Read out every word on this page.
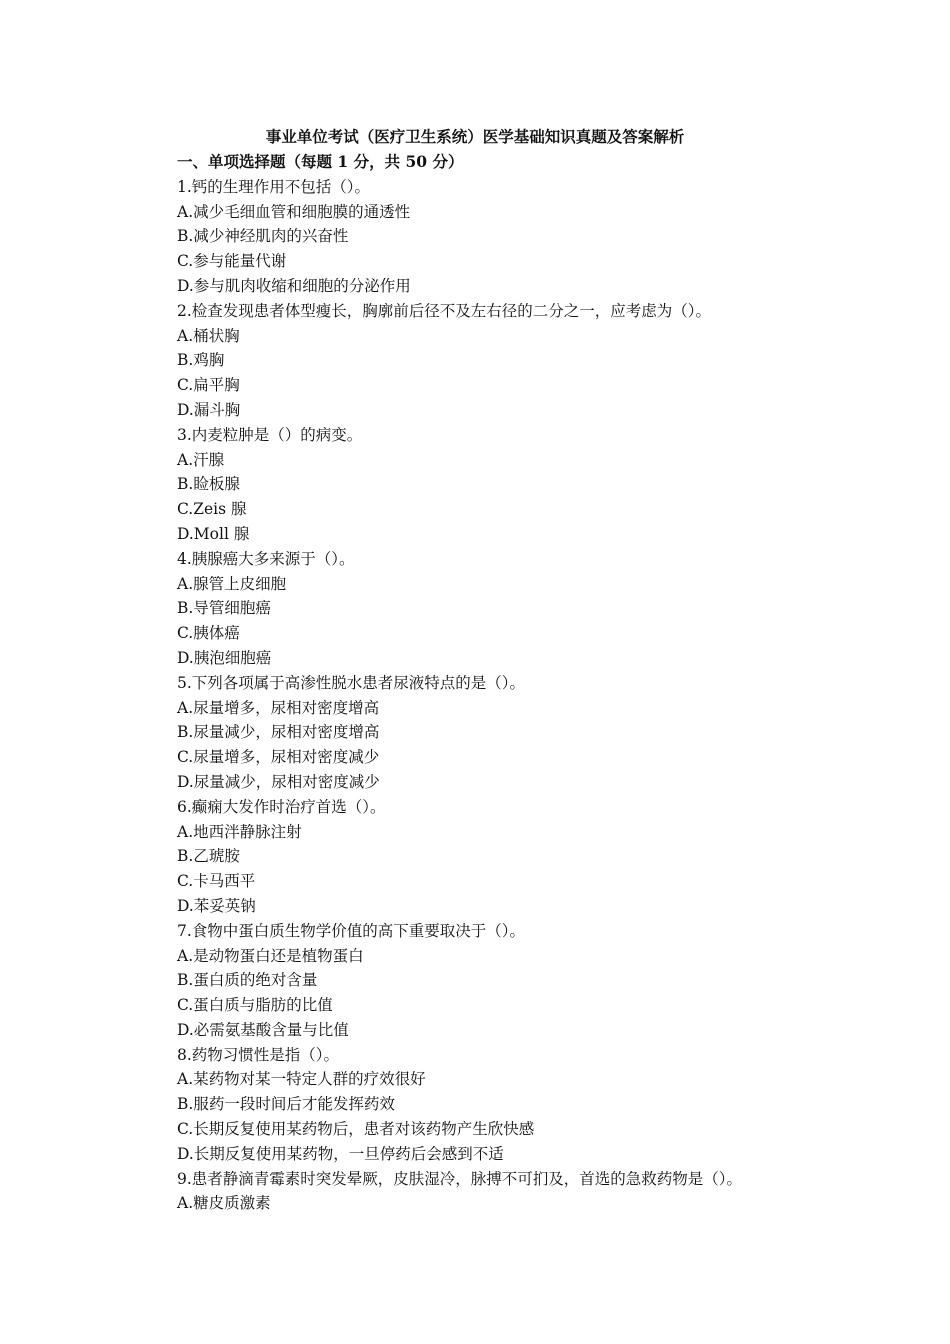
事业单位考试（医疗卫生系统）医学基础知识真题及答案解析
一、单项选择题（每题 1 分，共 50 分）
1.钙的生理作用不包括（）。
A.减少毛细血管和细胞膜的通透性
B.减少神经肌肉的兴奋性
C.参与能量代谢
D.参与肌肉收缩和细胞的分泌作用
2.检查发现患者体型瘦长，胸廓前后径不及左右径的二分之一，应考虑为（）。
A.桶状胸
B.鸡胸
C.扁平胸
D.漏斗胸
3.内麦粒肿是（）的病变。
A.汗腺
B.睑板腺
C.Zeis 腺
D.Moll 腺
4.胰腺癌大多来源于（）。
A.腺管上皮细胞
B.导管细胞癌
C.胰体癌
D.胰泡细胞癌
5.下列各项属于高渗性脱水患者尿液特点的是（）。
A.尿量增多，尿相对密度增高
B.尿量减少，尿相对密度增高
C.尿量增多，尿相对密度减少
D.尿量减少，尿相对密度减少
6.癫痫大发作时治疗首选（）。
A.地西泮静脉注射
B.乙琥胺
C.卡马西平
D.苯妥英钠
7.食物中蛋白质生物学价值的高下重要取决于（）。
A.是动物蛋白还是植物蛋白
B.蛋白质的绝对含量
C.蛋白质与脂肪的比值
D.必需氨基酸含量与比值
8.药物习惯性是指（）。
A.某药物对某一特定人群的疗效很好
B.服药一段时间后才能发挥药效
C.长期反复使用某药物后，患者对该药物产生欣快感
D.长期反复使用某药物，一旦停药后会感到不适
9.患者静滴青霉素时突发晕厥，皮肤湿冷，脉搏不可扪及，首选的急救药物是（）。
A.糖皮质激素
